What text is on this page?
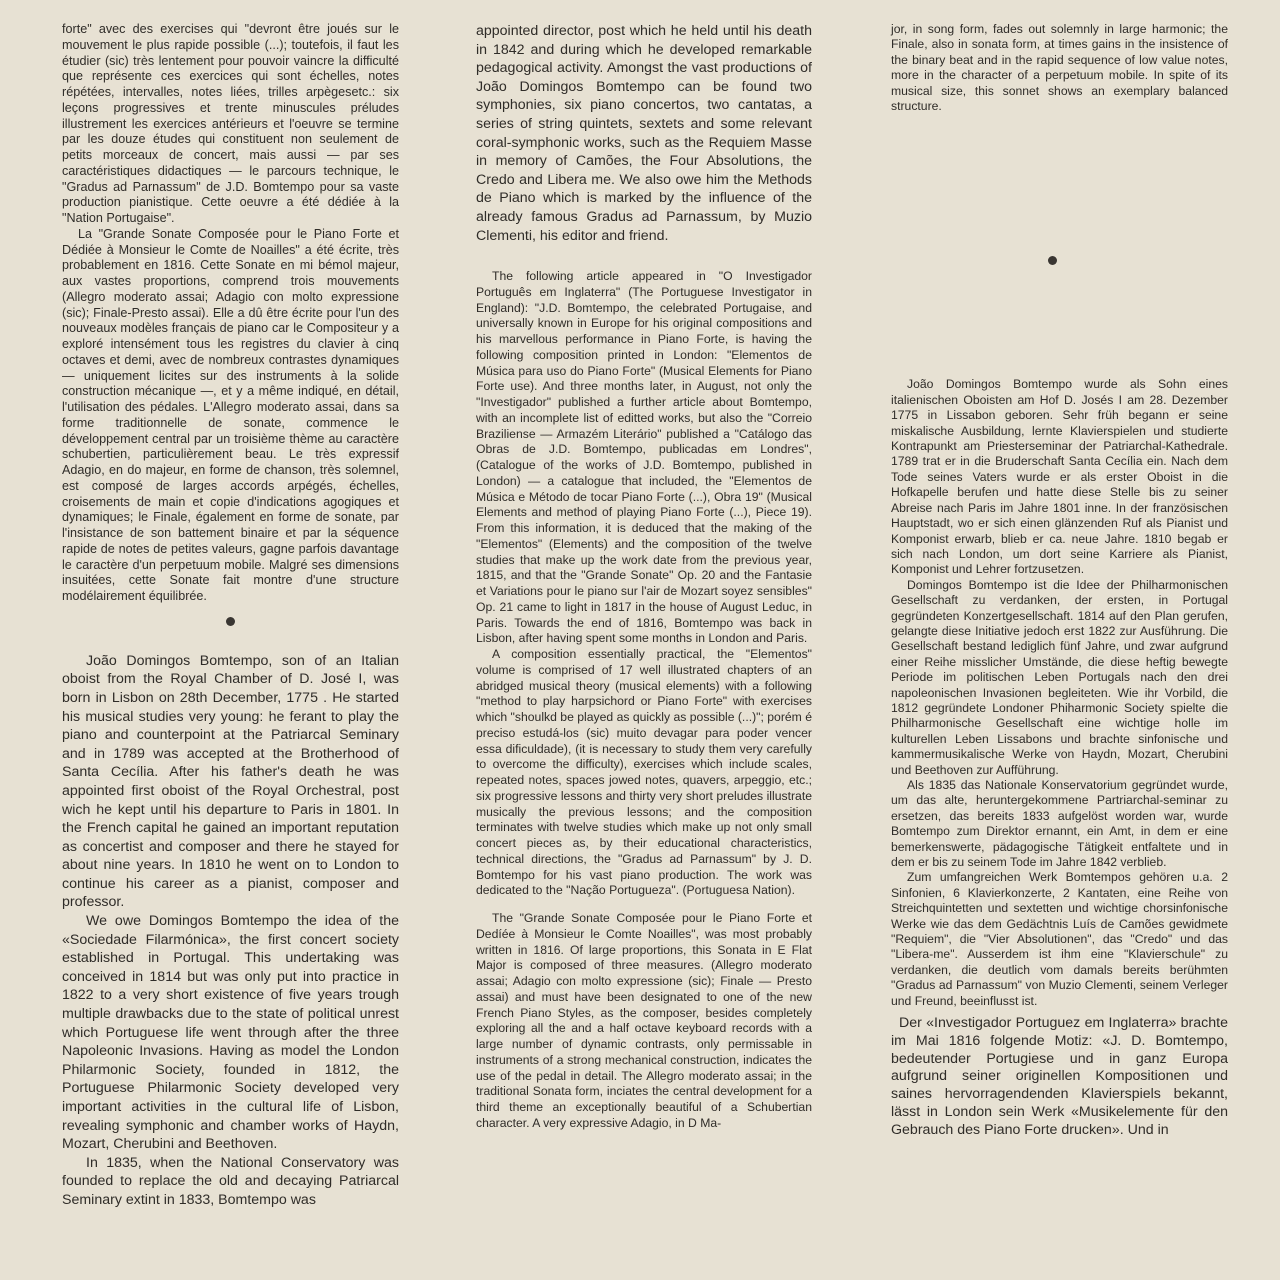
forte" avec des exercises qui "devront être joués sur le mouvement le plus rapide possible (...); toutefois, il faut les étudier (sic) très lentement pour pouvoir vaincre la difficulté que représente ces exercices qui sont échelles, notes répétées, intervalles, notes liées, trilles arpègesetc.: six leçons progressives et trente minuscules préludes illustrement les exercices antérieurs et l'oeuvre se termine par les douze études qui constituent non seulement de petits morceaux de concert, mais aussi — par ses caractéristiques didactiques — le parcours technique, le "Gradus ad Parnassum" de J.D. Bomtempo pour sa vaste production pianistique. Cette oeuvre a été dédiée à la "Nation Portugaise".

La "Grande Sonate Composée pour le Piano Forte et Dédiée à Monsieur le Comte de Noailles" a été écrite, très probablement en 1816. Cette Sonate en mi bémol majeur, aux vastes proportions, comprend trois mouvements (Allegro moderato assai; Adagio con molto expressione (sic); Finale-Presto assai). Elle a dû être écrite pour l'un des nouveaux modèles français de piano car le Compositeur y a exploré intensément tous les registres du clavier à cinq octaves et demi, avec de nombreux contrastes dynamiques — uniquement licites sur des instruments à la solide construction mécanique —, et y a même indiqué, en détail, l'utilisation des pédales. L'Allegro moderato assai, dans sa forme traditionnelle de sonate, commence le développement central par un troisième thème au caractère schubertien, particulièrement beau. Le très expressif Adagio, en do majeur, en forme de chanson, très solemnel, est composé de larges accords arpégés, échelles, croisements de main et copie d'indications agogiques et dynamiques; le Finale, également en forme de sonate, par l'insistance de son battement binaire et par la séquence rapide de notes de petites valeurs, gagne parfois davantage le caractère d'un perpetuum mobile. Malgré ses dimensions insuitées, cette Sonate fait montre d'une structure modélairement équilibrée.

João Domingos Bomtempo, son of an Italian oboist from the Royal Chamber of D. José I, was born in Lisbon on 28th December, 1775 . He started his musical studies very young: he ferant to play the piano and counterpoint at the Patriarcal Seminary and in 1789 was accepted at the Brotherhood of Santa Cecília. After his father's death he was appointed first oboist of the Royal Orchestral, post wich he kept until his departure to Paris in 1801. In the French capital he gained an important reputation as concertist and composer and there he stayed for about nine years. In 1810 he went on to London to continue his career as a pianist, composer and professor.

We owe Domingos Bomtempo the idea of the «Sociedade Filarmónica», the first concert society established in Portugal. This undertaking was conceived in 1814 but was only put into practice in 1822 to a very short existence of five years trough multiple drawbacks due to the state of political unrest which Portuguese life went through after the three Napoleonic Invasions. Having as model the London Philarmonic Society, founded in 1812, the Portuguese Philarmonic Society developed very important activities in the cultural life of Lisbon, revealing symphonic and chamber works of Haydn, Mozart, Cherubini and Beethoven.

In 1835, when the National Conservatory was founded to replace the old and decaying Patriarcal Seminary extint in 1833, Bomtempo was

appointed director, post which he held until his death in 1842 and during which he developed remarkable pedagogical activity. Amongst the vast productions of João Domingos Bomtempo can be found two symphonies, six piano concertos, two cantatas, a series of string quintets, sextets and some relevant coral-symphonic works, such as the Requiem Masse in memory of Camões, the Four Absolutions, the Credo and Libera me. We also owe him the Methods de Piano which is marked by the influence of the already famous Gradus ad Parnassum, by Muzio Clementi, his editor and friend.

The following article appeared in "O Investigador Português em Inglaterra" (The Portuguese Investigator in England): "J.D. Bomtempo, the celebrated Portugaise, and universally known in Europe for his original compositions and his marvellous performance in Piano Forte, is having the following composition printed in London: "Elementos de Música para uso do Piano Forte" (Musical Elements for Piano Forte use). And three months later, in August, not only the "Investigador" published a further article about Bomtempo, with an incomplete list of editted works, but also the "Correio Braziliense — Armazém Literário" published a "Catálogo das Obras de J.D. Bomtempo, publicadas em Londres", (Catalogue of the works of J.D. Bomtempo, published in London) — a catalogue that included, the "Elementos de Música e Método de tocar Piano Forte (...), Obra 19" (Musical Elements and method of playing Piano Forte (...), Piece 19). From this information, it is deduced that the making of the "Elementos" (Elements) and the composition of the twelve studies that make up the work date from the previous year, 1815, and that the "Grande Sonate" Op. 20 and the Fantasie et Variations pour le piano sur l'air de Mozart soyez sensibles" Op. 21 came to light in 1817 in the house of August Leduc, in Paris. Towards the end of 1816, Bomtempo was back in Lisbon, after having spent some months in London and Paris.

A composition essentially practical, the "Elementos" volume is comprised of 17 well illustrated chapters of an abridged musical theory (musical elements) with a following "method to play harpsichord or Piano Forte" with exercises which "shoulkd be played as quickly as possible (...)"; porém é preciso estudá-los (sic) muito devagar para poder vencer essa dificuldade), (it is necessary to study them very carefully to overcome the difficulty), exercises which include scales, repeated notes, spaces jowed notes, quavers, arpeggio, etc.; six progressive lessons and thirty very short preludes illustrate musically the previous lessons; and the composition terminates with twelve studies which make up not only small concert pieces as, by their educational characteristics, technical directions, the "Gradus ad Parnassum" by J. D. Bomtempo for his vast piano production. The work was dedicated to the "Nação Portugueza". (Portuguesa Nation).

The "Grande Sonate Composée pour le Piano Forte et Dedíée à Monsieur le Comte Noailles", was most probably written in 1816. Of large proportions, this Sonata in E Flat Major is composed of three measures. (Allegro moderato assai; Adagio con molto expressione (sic); Finale — Presto assai) and must have been designated to one of the new French Piano Styles, as the composer, besides completely exploring all the and a half octave keyboard records with a large number of dynamic contrasts, only permissable in instruments of a strong mechanical construction, indicates the use of the pedal in detail. The Allegro moderato assai; in the traditional Sonata form, inciates the central development for a third theme an exceptionally beautiful of a Schubertian character. A very expressive Adagio, in D Ma-

jor, in song form, fades out solemnly in large harmonic; the Finale, also in sonata form, at times gains in the insistence of the binary beat and in the rapid sequence of low value notes, more in the character of a perpetuum mobile. In spite of its musical size, this sonnet shows an exemplary balanced structure.

João Domingos Bomtempo wurde als Sohn eines italienischen Oboisten am Hof D. Josés I am 28. Dezember 1775 in Lissabon geboren. Sehr früh begann er seine miskalische Ausbildung, lernte Klavierspielen und studierte Kontrapunkt am Priesterseminar der Patriarchal-Kathedrale. 1789 trat er in die Bruderschaft Santa Cecília ein. Nach dem Tode seines Vaters wurde er als erster Oboist in die Hofkapelle berufen und hatte diese Stelle bis zu seiner Abreise nach Paris im Jahre 1801 inne. In der französischen Hauptstadt, wo er sich einen glänzenden Ruf als Pianist und Komponist erwarb, blieb er ca. neue Jahre. 1810 begab er sich nach London, um dort seine Karriere als Pianist, Komponist und Lehrer fortzusetzen.

Domingos Bomtempo ist die Idee der Philharmonischen Gesellschaft zu verdanken, der ersten, in Portugal gegründeten Konzertgesellschaft. 1814 auf den Plan gerufen, gelangte diese Initiative jedoch erst 1822 zur Ausführung. Die Gesellschaft bestand lediglich fünf Jahre, und zwar aufgrund einer Reihe misslicher Umstände, die diese heftig bewegte Periode im politischen Leben Portugals nach den drei napoleonischen Invasionen begleiteten. Wie ihr Vorbild, die 1812 gegründete Londoner Phiharmonic Society spielte die Philharmonische Gesellschaft eine wichtige holle im kulturellen Leben Lissabons und brachte sinfonische und kammermusikalische Werke von Haydn, Mozart, Cherubini und Beethoven zur Aufführung.

Als 1835 das Nationale Konservatorium gegründet wurde, um das alte, heruntergekommene Partriarchal-seminar zu ersetzen, das bereits 1833 aufgelöst worden war, wurde Bomtempo zum Direktor ernannt, ein Amt, in dem er eine bemerkenswerte, pädagogische Tätigkeit entfaltete und in dem er bis zu seinem Tode im Jahre 1842 verblieb.

Zum umfangreichen Werk Bomtempos gehören u.a. 2 Sinfonien, 6 Klavierkonzerte, 2 Kantaten, eine Reihe von Streichquintetten und sextetten und wichtige chorsinfonische Werke wie das dem Gedächtnis Luís de Camões gewidmete "Requiem", die "Vier Absolutionen", das "Credo" und das "Libera-me". Ausserdem ist ihm eine "Klavierschule" zu verdanken, die deutlich vom damals bereits berühmten "Gradus ad Parnassum" von Muzio Clementi, seinem Verleger und Freund, beeinflusst ist.

Der «Investigador Portuguez em Inglaterra» brachte im Mai 1816 folgende Motiz: «J. D. Bomtempo, bedeutender Portugiese und in ganz Europa aufgrund seiner originellen Kompositionen und saines hervorragendenden Klavierspiels bekannt, lässt in London sein Werk «Musikelemente für den Gebrauch des Piano Forte drucken». Und in
